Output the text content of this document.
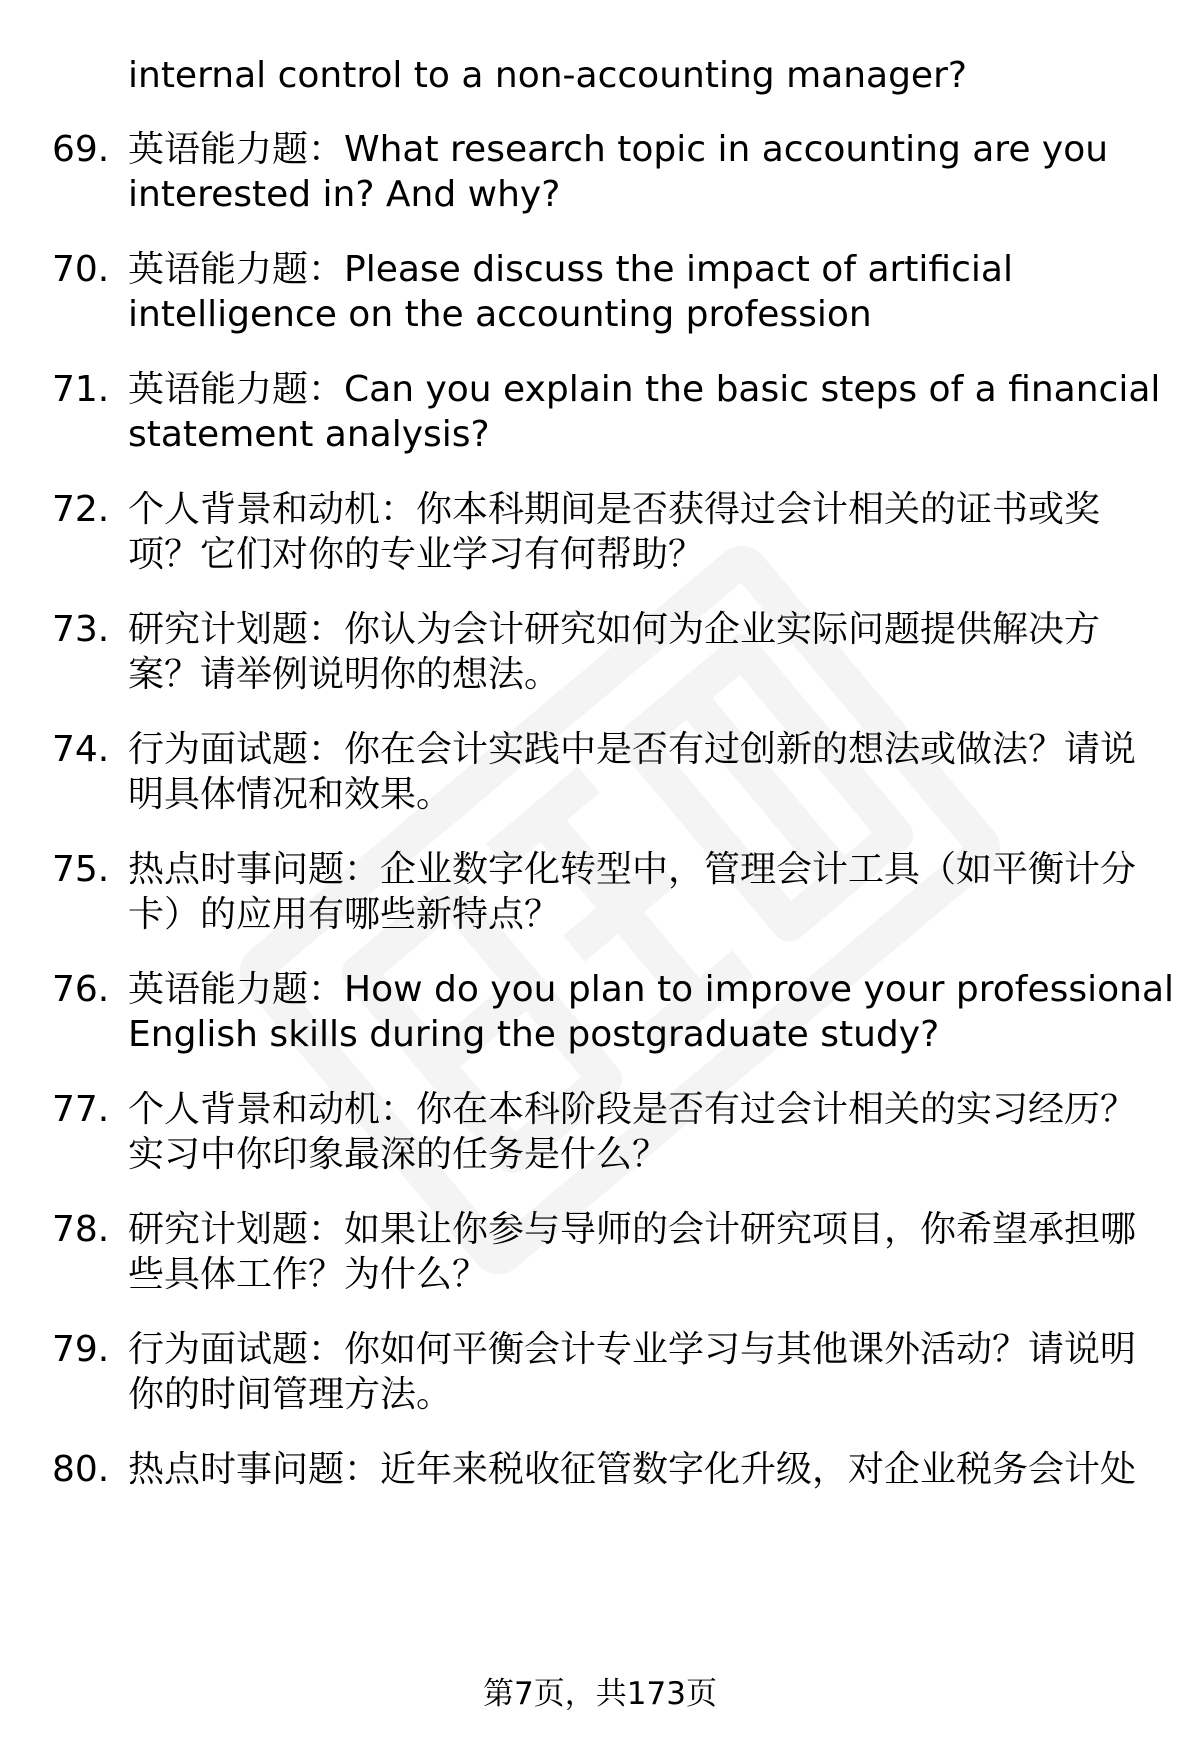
internal control to a non-accounting manager?
69. 英语能力题：What research topic in accounting are you
interested in? And why?
70. 英语能力题：Please discuss the impact of artificial
intelligence on the accounting profession
71. 英语能力题：Can you explain the basic steps of a financial
statement analysis?
72. 个人背景和动机：你本科期间是否获得过会计相关的证书或奖
项？它们对你的专业学习有何帮助？
73. 研究计划题：你认为会计研究如何为企业实际问题提供解决方
案？请举例说明你的想法。
74. 行为面试题：你在会计实践中是否有过创新的想法或做法？请说
明具体情况和效果。
75. 热点时事问题：企业数字化转型中，管理会计工具（如平衡计分
卡）的应用有哪些新特点？
76. 英语能力题：How do you plan to improve your professional
English skills during the postgraduate study?
77. 个人背景和动机：你在本科阶段是否有过会计相关的实习经历？
实习中你印象最深的任务是什么？
78. 研究计划题：如果让你参与导师的会计研究项目，你希望承担哪
些具体工作？为什么？
79. 行为面试题：你如何平衡会计专业学习与其他课外活动？请说明
你的时间管理方法。
80. 热点时事问题：近年来税收征管数字化升级，对企业税务会计处
第7页，共173页
